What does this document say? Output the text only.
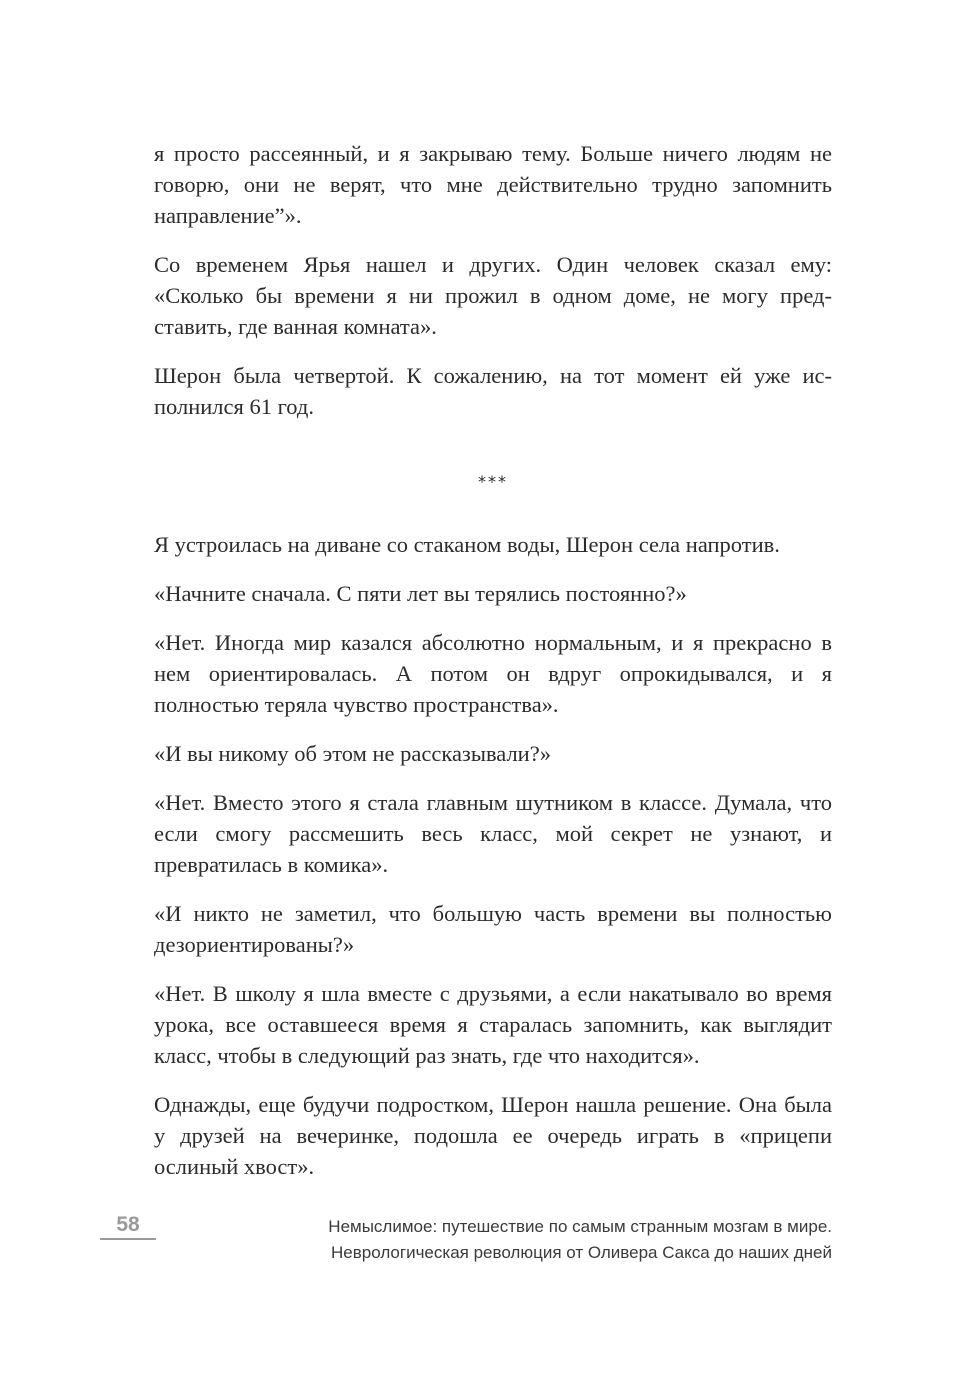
я просто рассеянный, и я закрываю тему. Больше ничего людям не говорю, они не верят, что мне действительно трудно запомнить направление”».

Со временем Ярья нашел и других. Один человек сказал ему: «Сколько бы времени я ни прожил в одном доме, не могу представить, где ванная комната».

Шерон была четвертой. К сожалению, на тот момент ей уже исполнился 61 год.

***

Я устроилась на диване со стаканом воды, Шерон села напротив.

«Начните сначала. С пяти лет вы терялись постоянно?»

«Нет. Иногда мир казался абсолютно нормальным, и я прекрасно в нем ориентировалась. А потом он вдруг опрокидывался, и я полностью теряла чувство пространства».

«И вы никому об этом не рассказывали?»

«Нет. Вместо этого я стала главным шутником в классе. Думала, что если смогу рассмешить весь класс, мой секрет не узнают, и превратилась в комика».

«И никто не заметил, что большую часть времени вы полностью дезориентированы?»

«Нет. В школу я шла вместе с друзьями, а если накатывало во время урока, все оставшееся время я старалась запомнить, как выглядит класс, чтобы в следующий раз знать, где что находится».

Однажды, еще будучи подростком, Шерон нашла решение. Она была у друзей на вечеринке, подошла ее очередь играть в «прицепи ослиный хвост».

58	Немыслимое: путешествие по самым странным мозгам в мире.
Неврологическая революция от Оливера Сакса до наших дней
